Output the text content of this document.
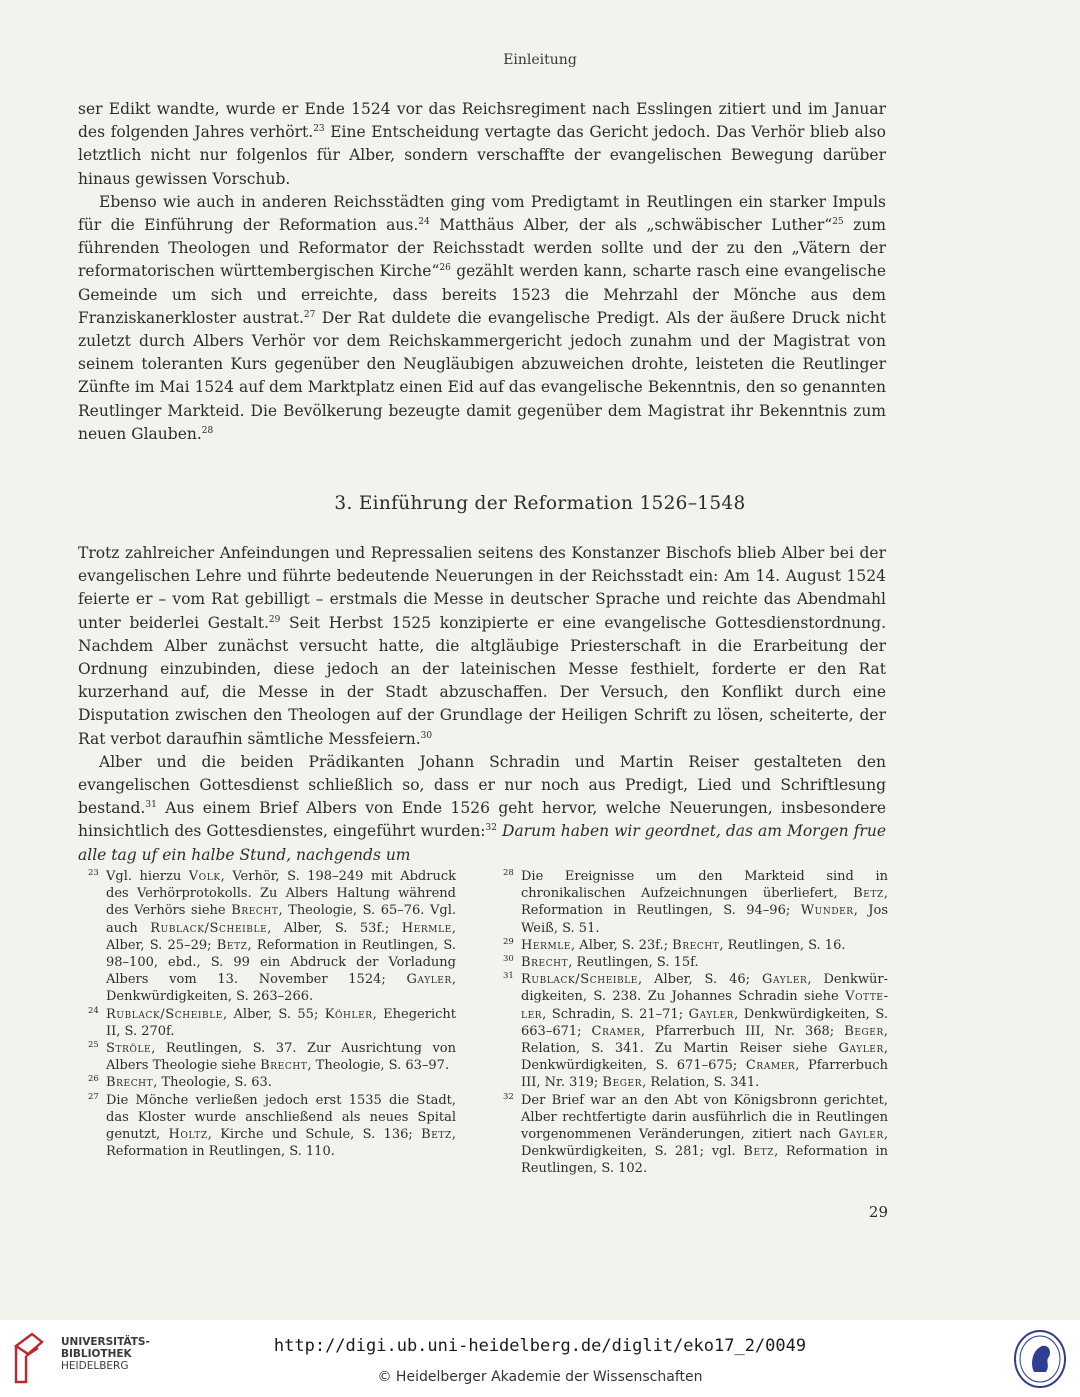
Einleitung

ser Edikt wandte, wurde er Ende 1524 vor das Reichsregiment nach Esslingen zitiert und im Januar des folgenden Jahres verhört.$^{23}$ Eine Entscheidung vertagte das Gericht jedoch. Das Verhör blieb also letztlich nicht nur folgenlos für Alber, sondern verschaffte der evangelischen Bewegung darüber hinaus gewissen Vorschub.

Ebenso wie auch in anderen Reichsstädten ging vom Predigtamt in Reutlingen ein starker Impuls für die Einführung der Reformation aus.$^{24}$ Matthäus Alber, der als „schwäbischer Luther“$^{25}$ zum führenden Theologen und Reformator der Reichsstadt werden sollte und der zu den „Vätern der reformatorischen württembergischen Kirche“$^{26}$ gezählt werden kann, scharte rasch eine evangelische Gemeinde um sich und erreichte, dass bereits 1523 die Mehrzahl der Mönche aus dem Franziskanerkloster austrat.$^{27}$ Der Rat duldete die evangelische Predigt. Als der äußere Druck nicht zuletzt durch Albers Verhör vor dem Reichskammergericht jedoch zunahm und der Magistrat von seinem toleranten Kurs gegenüber den Neugläubigen abzuweichen drohte, leisteten die Reutlinger Zünfte im Mai 1524 auf dem Marktplatz einen Eid auf das evangelische Bekenntnis, den so genannten Reutlinger Markteid. Die Bevölkerung bezeugte damit gegenüber dem Magistrat ihr Bekenntnis zum neuen Glauben.$^{28}$

3. Einführung der Reformation 1526–1548

Trotz zahlreicher Anfeindungen und Repressalien seitens des Konstanzer Bischofs blieb Alber bei der evangelischen Lehre und führte bedeutende Neuerungen in der Reichsstadt ein: Am 14. August 1524 feierte er – vom Rat gebilligt – erstmals die Messe in deutscher Sprache und reichte das Abendmahl unter beiderlei Gestalt.$^{29}$ Seit Herbst 1525 konzipierte er eine evangelische Gottesdienstordnung. Nachdem Alber zunächst versucht hatte, die altgläubige Priesterschaft in die Erarbeitung der Ordnung einzubinden, diese jedoch an der lateinischen Messe festhielt, forderte er den Rat kurzerhand auf, die Messe in der Stadt abzuschaffen. Der Versuch, den Konflikt durch eine Disputation zwischen den Theologen auf der Grundlage der Heiligen Schrift zu lösen, scheiterte, der Rat verbot daraufhin sämtliche Messfeiern.$^{30}$

Alber und die beiden Prädikanten Johann Schradin und Martin Reiser gestalteten den evangelischen Gottesdienst schließlich so, dass er nur noch aus Predigt, Lied und Schriftlesung bestand.$^{31}$ Aus einem Brief Albers von Ende 1526 geht hervor, welche Neuerungen, insbesondere hinsichtlich des Gottesdienstes, eingeführt wurden:$^{32}$ Darum haben wir geordnet, das am Morgen frue alle tag uf ein halbe Stund, nachgends um

23 Vgl. hierzu Volk, Verhör, S. 198–249 mit Abdruck des Verhörprotokolls. Zu Albers Haltung während des Verhörs siehe Brecht, Theologie, S. 65–76. Vgl. auch Rublack/Scheible, Alber, S. 53f.; Hermle, Alber, S. 25–29; Betz, Reformation in Reutlingen, S. 98–100, ebd., S. 99 ein Abdruck der Vorladung Albers vom 13. November 1524; Gayler, Denkwürdigkeiten, S. 263–266.

24 Rublack/Scheible, Alber, S. 55; Köhler, Ehegericht II, S. 270f.

25 Ströle, Reutlingen, S. 37. Zur Ausrichtung von Albers Theologie siehe Brecht, Theologie, S. 63–97.

26 Brecht, Theologie, S. 63.

27 Die Mönche verließen jedoch erst 1535 die Stadt, das Kloster wurde anschließend als neues Spital genutzt, Holtz, Kirche und Schule, S. 136; Betz, Reformation in Reutlingen, S. 110.

28 Die Ereignisse um den Markteid sind in chronikalischen Aufzeichnungen überliefert, Betz, Reformation in Reutlingen, S. 94–96; Wunder, Jos Weiß, S. 51.

29 Hermle, Alber, S. 23f.; Brecht, Reutlingen, S. 16.

30 Brecht, Reutlingen, S. 15f.

31 Rublack/Scheible, Alber, S. 46; Gayler, Denkwürdigkeiten, S. 238. Zu Johannes Schradin siehe Votteler, Schradin, S. 21–71; Gayler, Denkwürdigkeiten, S. 663–671; Cramer, Pfarrerbuch III, Nr. 368; Beger, Relation, S. 341. Zu Martin Reiser siehe Gayler, Denkwürdigkeiten, S. 671–675; Cramer, Pfarrerbuch III, Nr. 319; Beger, Relation, S. 341.

32 Der Brief war an den Abt von Königsbronn gerichtet, Alber rechtfertigte darin ausführlich die in Reutlingen vorgenommenen Veränderungen, zitiert nach Gayler, Denkwürdigkeiten, S. 281; vgl. Betz, Reformation in Reutlingen, S. 102.

29
UNIVERSITÄTS-
BIBLIOTHEK
HEIDELBERG
http://digi.ub.uni-heidelberg.de/diglit/eko17_2/0049
© Heidelberger Akademie der Wissenschaften
